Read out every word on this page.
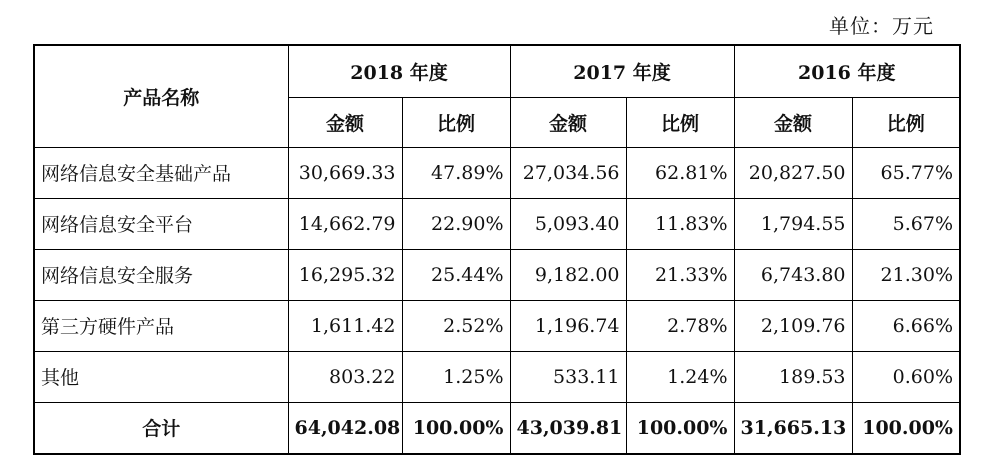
单位：万元
产品名称	2018 年度		2017 年度		2016 年度	
	金额	比例	金额	比例	金额	比例
网络信息安全基础产品	30,669.33	47.89%	27,034.56	62.81%	20,827.50	65.77%
网络信息安全平台	14,662.79	22.90%	5,093.40	11.83%	1,794.55	5.67%
网络信息安全服务	16,295.32	25.44%	9,182.00	21.33%	6,743.80	21.30%
第三方硬件产品	1,611.42	2.52%	1,196.74	2.78%	2,109.76	6.66%
其他	803.22	1.25%	533.11	1.24%	189.53	0.60%
合计	64,042.08	100.00%	43,039.81	100.00%	31,665.13	100.00%
